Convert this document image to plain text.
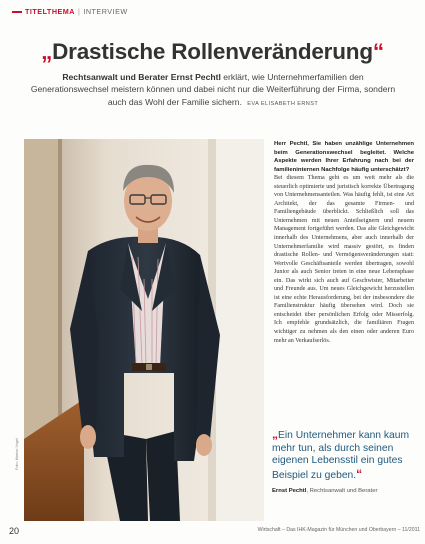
TITELTHEMA | INTERVIEW
„Drastische Rollenveränderung“
Rechtsanwalt und Berater Ernst Pechtl erklärt, wie Unternehmerfamilien den Generationswechsel meistern können und dabei nicht nur die Weiterführung der Firma, sondern auch das Wohl der Familie sichern. EVA ELISABETH ERNST
Foto: Marion Vogel

Herr Pechtl, Sie haben unzählige Unternehmen beim Generationswechsel begleitet. Welche Aspekte werden Ihrer Erfahrung nach bei der familieninternen Nachfolge häufig unterschätzt?

Bei diesem Thema geht es um weit mehr als die steuerlich optimierte und juristisch korrekte Übertragung von Unternehmensanteilen. Was häufig fehlt, ist eine Art Architekt, der das gesamte Firmen- und Familiengebäude überblickt. Schließlich soll das Unternehmen mit neuen Anteilseignern und neuem Management fortgeführt werden. Das alte Gleichgewicht innerhalb des Unternehmens, aber auch innerhalb der Unternehmerfamilie wird massiv gestört, es finden drastische Rollen- und Vermögensveränderungen statt: Wertvolle Geschäftsanteile werden übertragen, sowohl Junior als auch Senior treten in eine neue Lebensphase ein. Das wirkt sich auch auf Geschwister, Mitarbeiter und Freunde aus. Um neues Gleichgewicht herzustellen ist eine echte Herausforderung, bei der insbesondere die Familienstruktur häufig übersehen wird. Doch sie entscheidet über persönlichen Erfolg oder Misserfolg. Ich empfehle grundsätzlich, die familiären Fragen wichtiger zu nehmen als den einen oder anderen Euro mehr an Verkaufserlös.

„Ein Unternehmer kann kaum mehr tun, als durch seinen eigenen Lebensstil ein gutes Beispiel zu geben.“
Ernst Pechtl, Rechtsanwalt und Berater
20	Wirtschaft – Das IHK-Magazin für München und Oberbayern – 11/2011
